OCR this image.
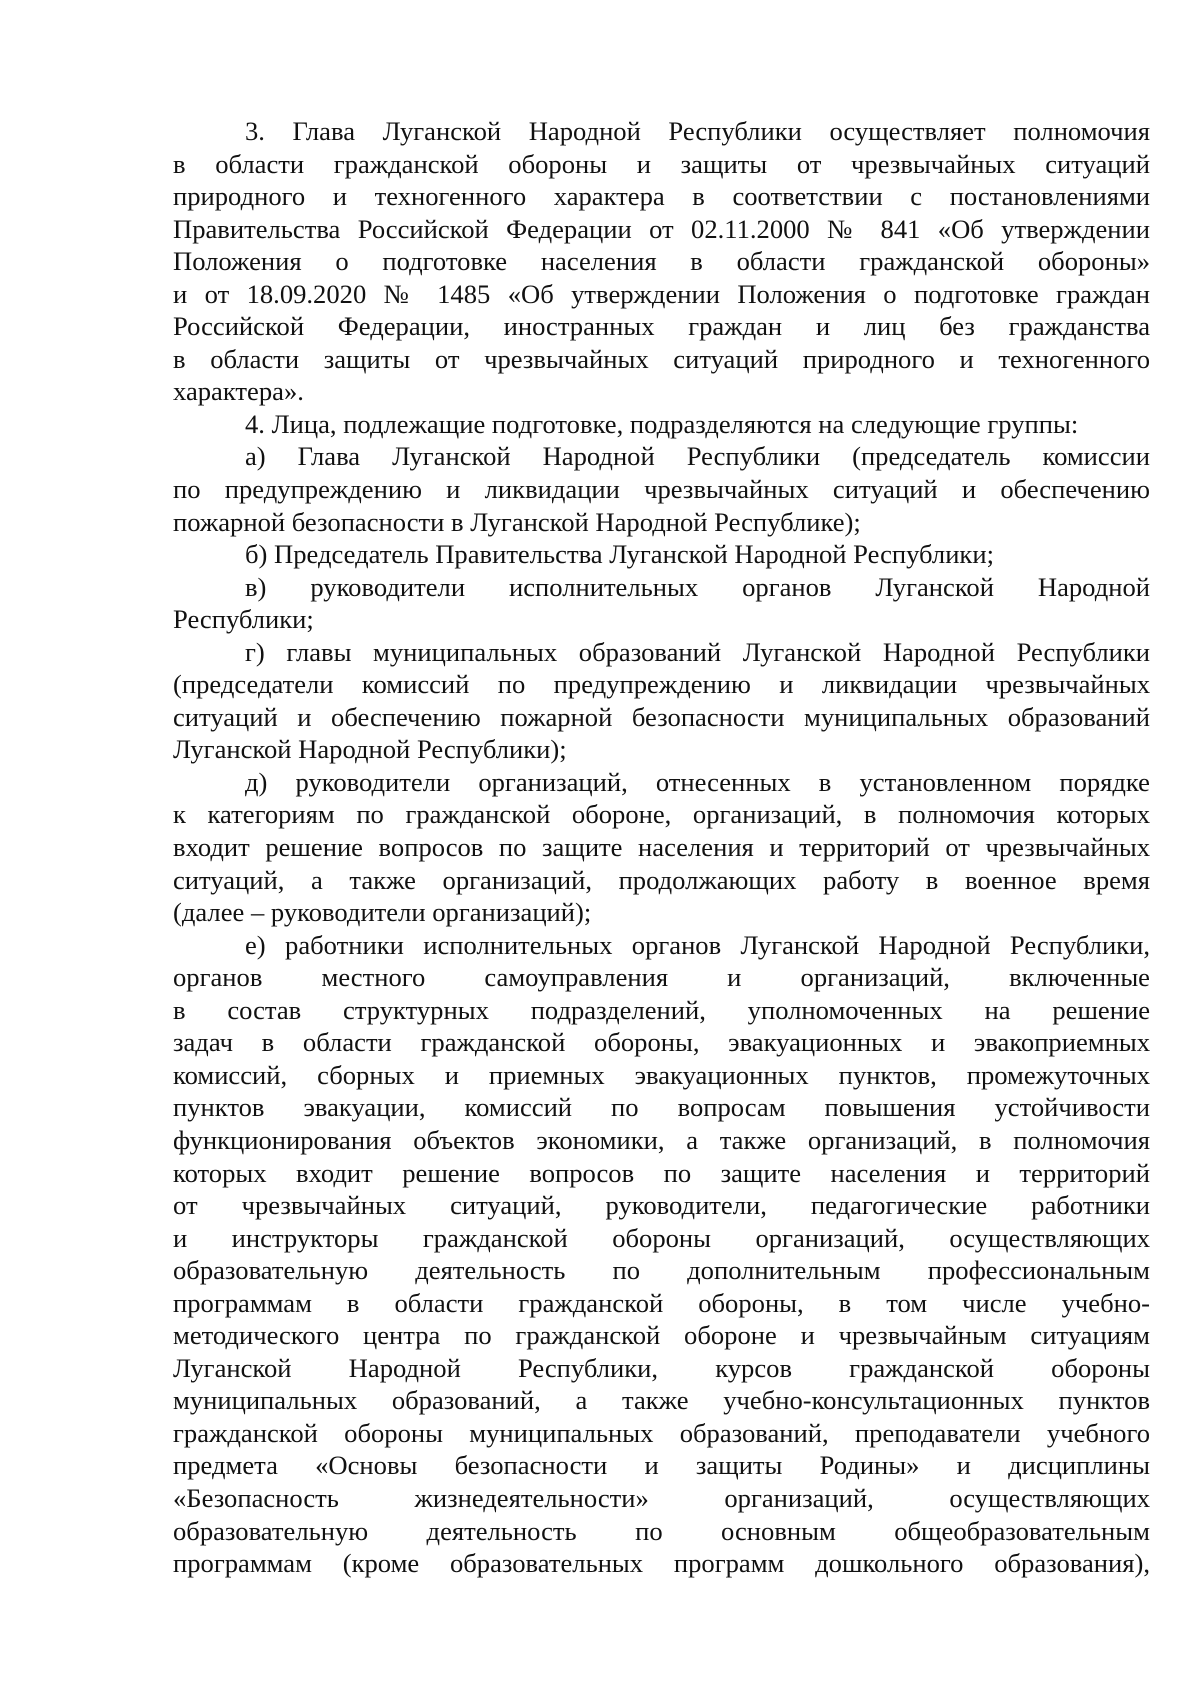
3. Глава Луганской Народной Республики осуществляет полномочия
в области гражданской обороны и защиты от чрезвычайных ситуаций
природного и техногенного характера в соответствии с постановлениями
Правительства Российской Федерации от 02.11.2000 № 841 «Об утверждении
Положения о подготовке населения в области гражданской обороны»
и от 18.09.2020 № 1485 «Об утверждении Положения о подготовке граждан
Российской Федерации, иностранных граждан и лиц без гражданства
в области защиты от чрезвычайных ситуаций природного и техногенного
характера».
4. Лица, подлежащие подготовке, подразделяются на следующие группы:
а) Глава Луганской Народной Республики (председатель комиссии
по предупреждению и ликвидации чрезвычайных ситуаций и обеспечению
пожарной безопасности в Луганской Народной Республике);
б) Председатель Правительства Луганской Народной Республики;
в) руководители исполнительных органов Луганской Народной
Республики;
г) главы муниципальных образований Луганской Народной Республики
(председатели комиссий по предупреждению и ликвидации чрезвычайных
ситуаций и обеспечению пожарной безопасности муниципальных образований
Луганской Народной Республики);
д) руководители организаций, отнесенных в установленном порядке
к категориям по гражданской обороне, организаций, в полномочия которых
входит решение вопросов по защите населения и территорий от чрезвычайных
ситуаций, а также организаций, продолжающих работу в военное время
(далее – руководители организаций);
е) работники исполнительных органов Луганской Народной Республики,
органов местного самоуправления и организаций, включенные
в состав структурных подразделений, уполномоченных на решение
задач в области гражданской обороны, эвакуационных и эвакоприемных
комиссий, сборных и приемных эвакуационных пунктов, промежуточных
пунктов эвакуации, комиссий по вопросам повышения устойчивости
функционирования объектов экономики, а также организаций, в полномочия
которых входит решение вопросов по защите населения и территорий
от чрезвычайных ситуаций, руководители, педагогические работники
и инструкторы гражданской обороны организаций, осуществляющих
образовательную деятельность по дополнительным профессиональным
программам в области гражданской обороны, в том числе учебно-
методического центра по гражданской обороне и чрезвычайным ситуациям
Луганской Народной Республики, курсов гражданской обороны
муниципальных образований, а также учебно-консультационных пунктов
гражданской обороны муниципальных образований, преподаватели учебного
предмета «Основы безопасности и защиты Родины» и дисциплины
«Безопасность жизнедеятельности» организаций, осуществляющих
образовательную деятельность по основным общеобразовательным
программам (кроме образовательных программ дошкольного образования),
